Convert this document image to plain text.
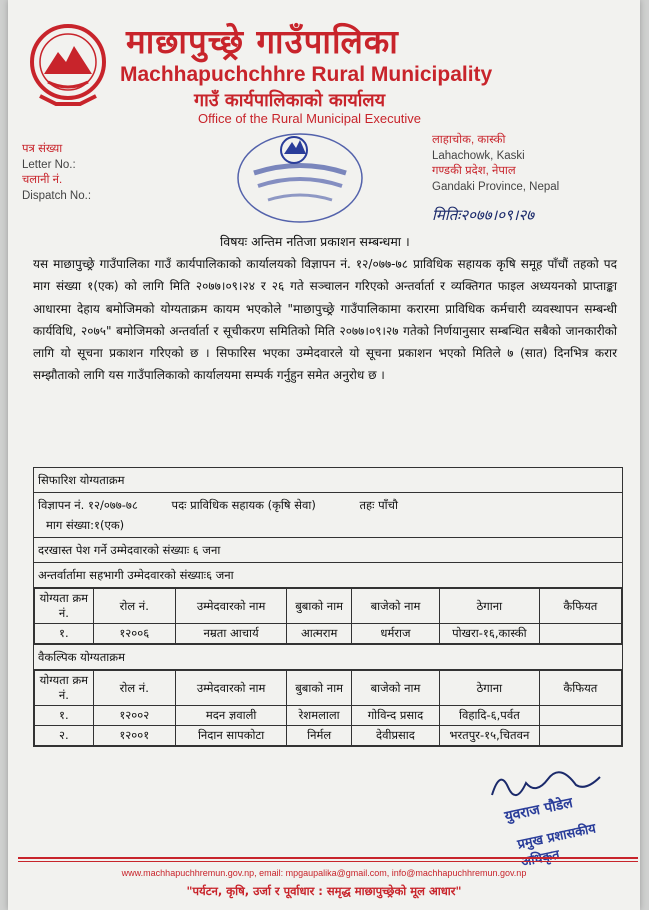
माछापुच्छ्रे गाउँपालिका
Machhapuchchhre Rural Municipality
गाउँ कार्यपालिकाको कार्यालय
Office of the Rural Municipal Executive
पत्र संख्या
Letter No.:
चलानी नं.
Dispatch No.:
लाहाचोक, कास्की
Lahachowk, Kaski
गण्डकी प्रदेश, नेपाल
Gandaki Province, Nepal
मितिः२०७७।०९।२७
विषयः अन्तिम नतिजा प्रकाशन सम्बन्धमा ।
यस माछापुच्छ्रे गाउँपालिका गाउँ कार्यपालिकाको कार्यालयको विज्ञापन नं. १२/०७७-७८ प्राविधिक सहायक कृषि समूह पाँचौं तहको पद माग संख्या १(एक) को लागि मिति २०७७।०९।२४ र २६ गते सञ्चालन गरिएको अन्तर्वार्ता र व्यक्तिगत फाइल अध्ययनको प्राप्ताङ्का आधारमा देहाय बमोजिमको योग्यताक्रम कायम भएकोले "माछापुच्छ्रे गाउँपालिकामा करारमा प्राविधिक कर्मचारी व्यवस्थापन सम्बन्धी कार्यविधि, २०७५" बमोजिमको अन्तर्वार्ता र सूचीकरण समितिको मिति २०७७।०९।२७ गतेको निर्णयानुसार सम्बन्धित सबैको जानकारीको लागि यो सूचना प्रकाशन गरिएको छ । सिफारिस भएका उम्मेदवारले यो सूचना प्रकाशन भएको मितिले ७ (सात) दिनभित्र करार सम्झौताको लागि यस गाउँपालिकाको कार्यालयमा सम्पर्क गर्नुहुन समेत अनुरोध छ ।
सिफारिश योग्यताक्रम
विज्ञापन नं. १२/०७७-७८	पदः प्राविधिक सहायक (कृषि सेवा)	तहः पाँचौ
माग संख्या:१(एक)

दरखास्त पेश गर्ने उम्मेदवारको संख्याः ६ जना
अन्तर्वार्तामा सहभागी उम्मेदवारको संख्याः६ जना

योग्यता क्रम नं.	रोल नं.	उम्मेदवारको नाम	बुबाको नाम	बाजेको नाम	ठेगाना	कैफियत
१.	१२००६	नम्रता आचार्य	आत्मराम	धर्मराज	पोखरा-१६,कास्की	

वैकल्पिक योग्यताक्रम

योग्यता क्रम नं.	रोल नं.	उम्मेदवारको नाम	बुबाको नाम	बाजेको नाम	ठेगाना	कैफियत
१.	१२००२	मदन ज्ञवाली	रेशमलाला	गोविन्द प्रसाद	विहादि-६,पर्वत	
२.	१२००१	निदान सापकोटा	निर्मल	देवीप्रसाद	भरतपुर-१५,चितवन	
युवराज पौडेल
प्रमुख प्रशासकीय
www.machhapuchhremun.gov.np, email: mpgaupalika@gmail.com, info@machhapuchhremun.gov.np
"पर्यटन, कृषि, उर्जा र पूर्वाधार : समृद्ध माछापुच्छ्रेको मूल आधार"
